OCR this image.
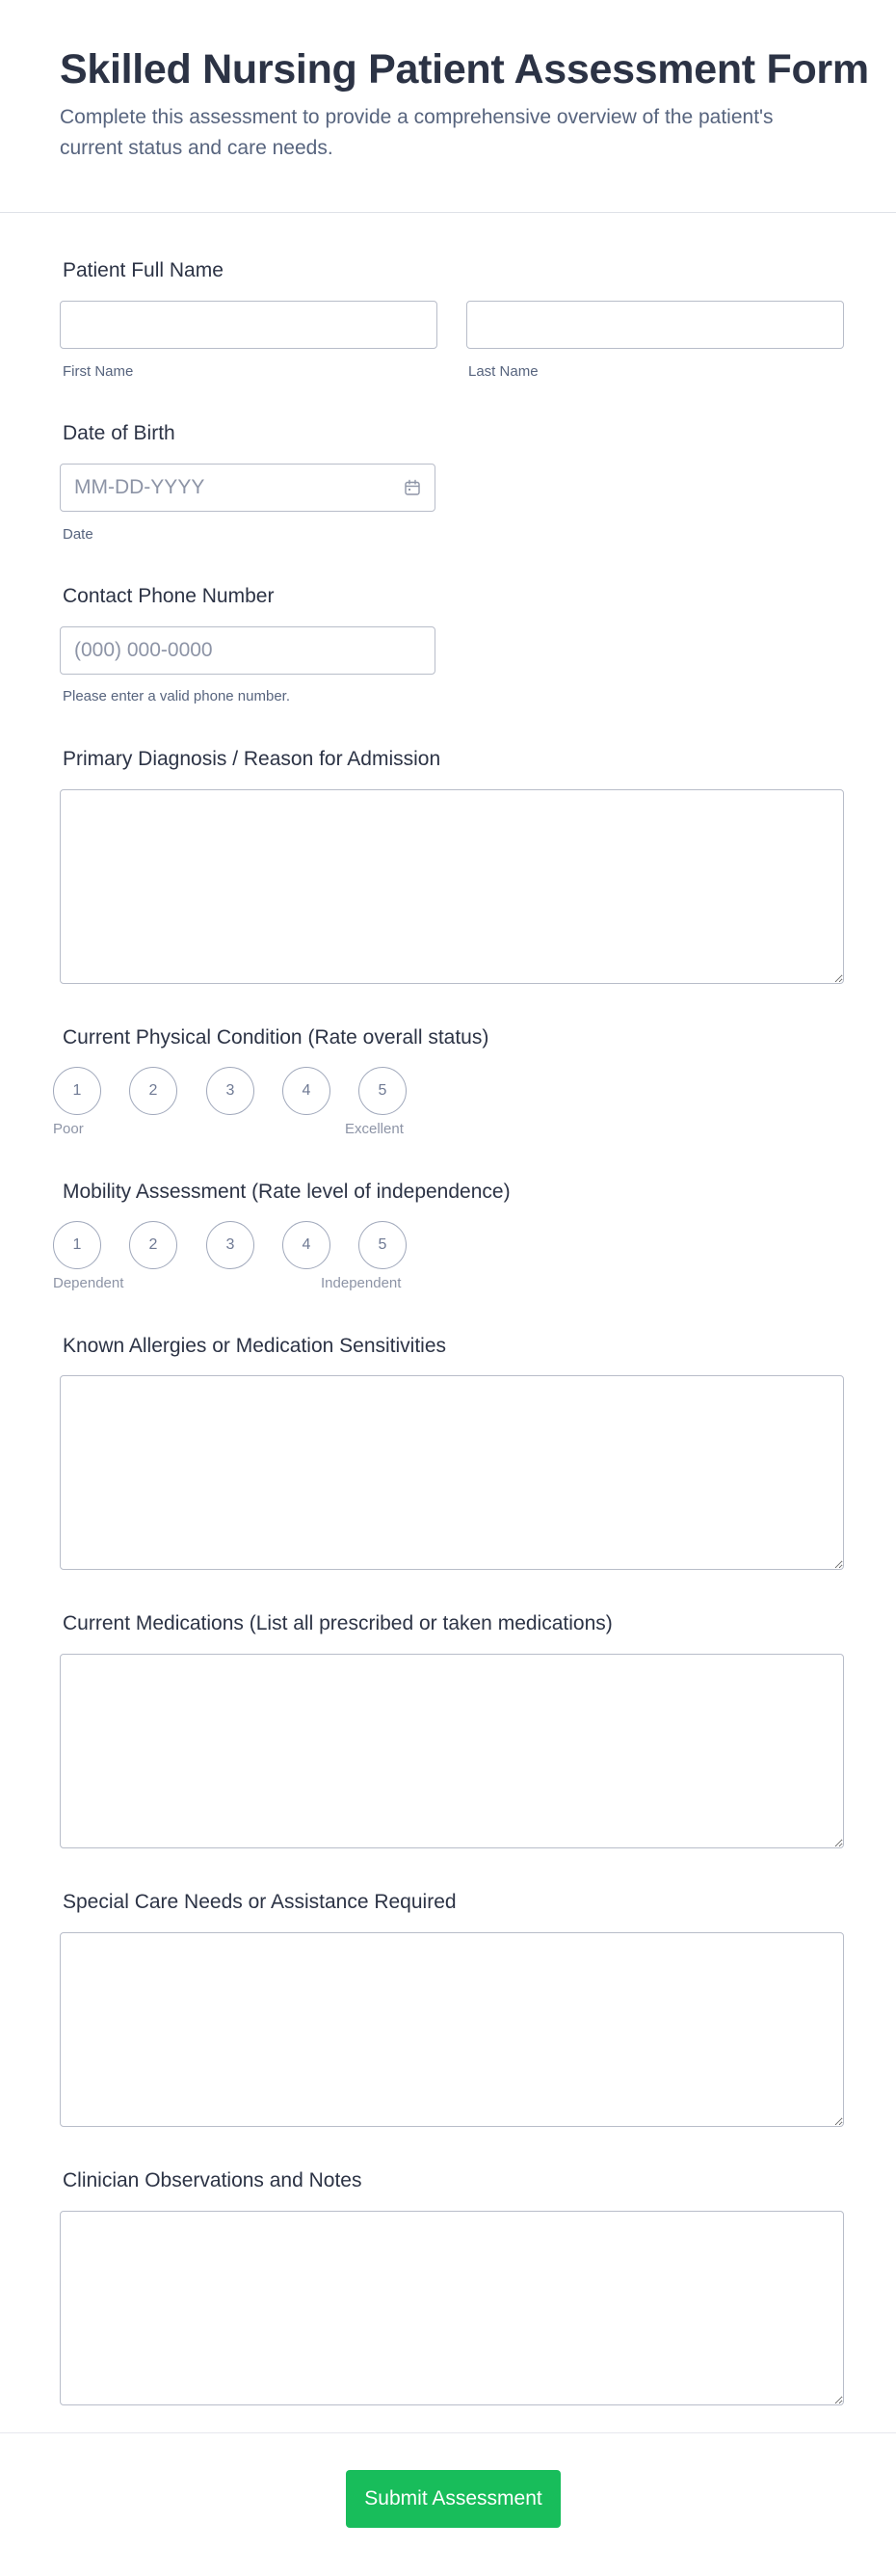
Skilled Nursing Patient Assessment Form

Complete this assessment to provide a comprehensive overview of the patient's current status and care needs.

Patient Full Name
First Name	Last Name
Date of Birth
MM-DD-YYYY
Date
Contact Phone Number
(000) 000-0000
Please enter a valid phone number.
Primary Diagnosis / Reason for Admission
Current Physical Condition (Rate overall status)
1	2	3	4	5
Poor	Excellent
Mobility Assessment (Rate level of independence)
1	2	3	4	5
Dependent	Independent
Known Allergies or Medication Sensitivities
Current Medications (List all prescribed or taken medications)
Special Care Needs or Assistance Required
Clinician Observations and Notes
Submit Assessment
